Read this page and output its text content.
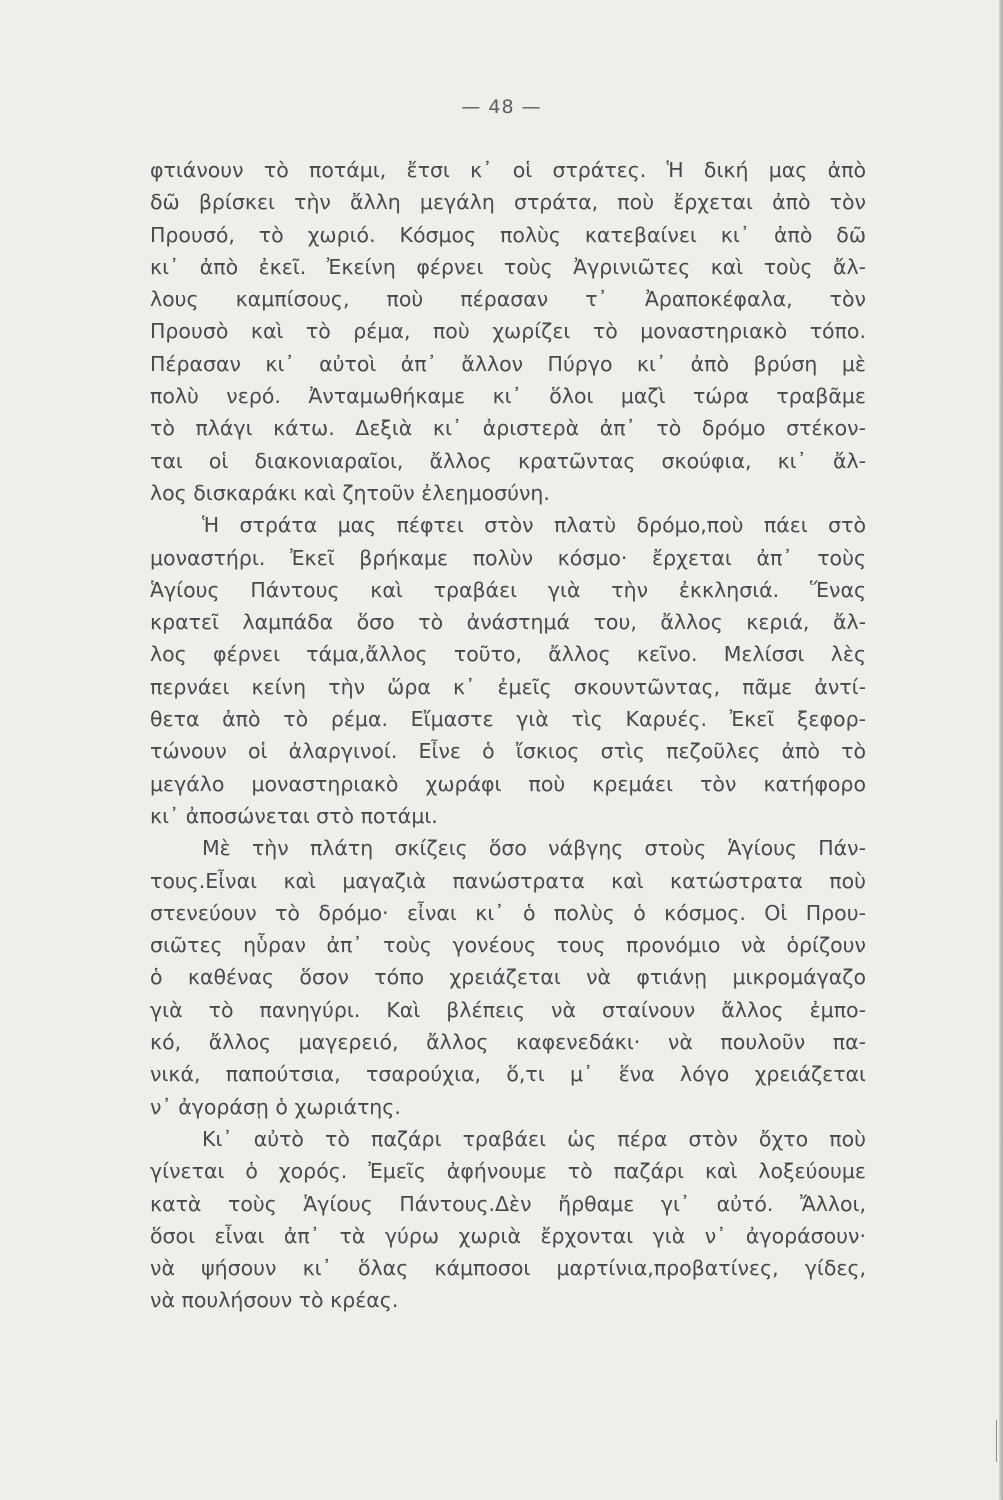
— 48 —
φτιάνουν τὸ ποτάμι, ἔτσι κ᾿ οἱ στράτες. Ἡ δική μας ἀπὸ
δῶ βρίσκει τὴν ἄλλη μεγάλη στράτα, ποὺ ἔρχεται ἀπὸ τὸν
Προυσό, τὸ χωριό. Κόσμος πολὺς κατεβαίνει κι᾿ ἀπὸ δῶ
κι᾿ ἀπὸ ἐκεῖ. Ἐκείνη φέρνει τοὺς Ἀγρινιῶτες καὶ τοὺς ἄλ-
λους καμπίσους, ποὺ πέρασαν τ᾿ Ἀραποκέφαλα, τὸν
Προυσὸ καὶ τὸ ρέμα, ποὺ χωρίζει τὸ μοναστηριακὸ τόπο.
Πέρασαν κι᾿ αὐτοὶ ἀπ᾿ ἄλλον Πύργο κι᾿ ἀπὸ βρύση μὲ
πολὺ νερό. Ἀνταμωθήκαμε κι᾿ ὅλοι μαζὶ τώρα τραβᾶμε
τὸ πλάγι κάτω. Δεξιὰ κι᾿ ἀριστερὰ ἀπ᾿ τὸ δρόμο στέκον-
ται οἱ διακονιαραῖοι, ἄλλος κρατῶντας σκούφια, κι᾿ ἄλ-
λος δισκαράκι καὶ ζητοῦν ἐλεημοσύνη.
Ἡ στράτα μας πέφτει στὸν πλατὺ δρόμο,ποὺ πάει στὸ
μοναστήρι. Ἐκεῖ βρήκαμε πολὺν κόσμο· ἔρχεται ἀπ᾿ τοὺς
Ἁγίους Πάντους καὶ τραβάει γιὰ τὴν ἐκκλησιά. Ἕνας
κρατεῖ λαμπάδα ὅσο τὸ ἀνάστημά του, ἄλλος κεριά, ἄλ-
λος φέρνει τάμα,ἄλλος τοῦτο, ἄλλος κεῖνο. Μελίσσι λὲς
περνάει κείνη τὴν ὥρα κ᾿ ἐμεῖς σκουντῶντας, πᾶμε ἀντί-
θετα ἀπὸ τὸ ρέμα. Εἴμαστε γιὰ τὶς Καρυές. Ἐκεῖ ξεφορ-
τώνουν οἱ ἀλαργινοί. Εἶνε ὁ ἴσκιος στὶς πεζοῦλες ἀπὸ τὸ
μεγάλο μοναστηριακὸ χωράφι ποὺ κρεμάει τὸν κατήφορο
κι᾿ ἀποσώνεται στὸ ποτάμι.
Μὲ τὴν πλάτη σκίζεις ὅσο νάβγης στοὺς Ἁγίους Πάν-
τους.Εἶναι καὶ μαγαζιὰ πανώστρατα καὶ κατώστρατα ποὺ
στενεύουν τὸ δρόμο· εἶναι κι᾿ ὁ πολὺς ὁ κόσμος. Οἱ Πρου-
σιῶτες ηὗραν ἀπ᾿ τοὺς γονέους τους προνόμιο νὰ ὁρίζουν
ὁ καθένας ὅσον τόπο χρειάζεται νὰ φτιάνῃ μικρομάγαζο
γιὰ τὸ πανηγύρι. Καὶ βλέπεις νὰ σταίνουν ἄλλος ἐμπο-
κό, ἄλλος μαγερειό, ἄλλος καφενεδάκι· νὰ πουλοῦν πα-
νικά, παπούτσια, τσαρούχια, ὅ,τι μ᾿ ἕνα λόγο χρειάζεται
ν᾿ ἀγοράσῃ ὁ χωριάτης.
Κι᾿ αὐτὸ τὸ παζάρι τραβάει ὡς πέρα στὸν ὄχτο ποὺ
γίνεται ὁ χορός. Ἐμεῖς ἀφήνουμε τὸ παζάρι καὶ λοξεύουμε
κατὰ τοὺς Ἁγίους Πάντους.Δὲν ἤρθαμε γι᾿ αὐτό. Ἄλλοι,
ὅσοι εἶναι ἀπ᾿ τὰ γύρω χωριὰ ἔρχονται γιὰ ν᾿ ἀγοράσουν·
νὰ ψήσουν κι᾿ ὅλας κάμποσοι μαρτίνια,προβατίνες, γίδες,
νὰ πουλήσουν τὸ κρέας.
